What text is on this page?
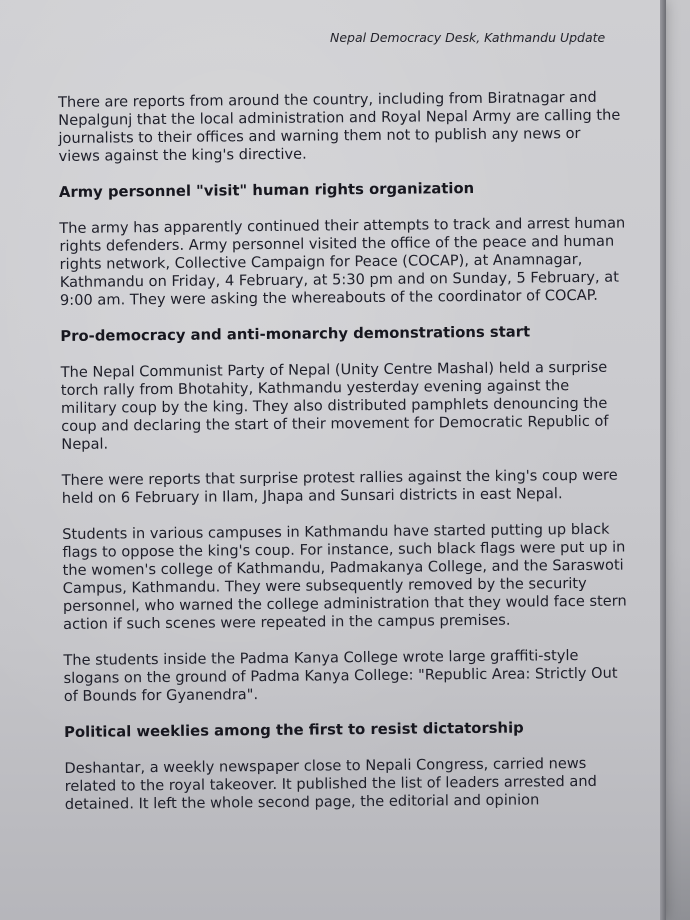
Nepal Democracy Desk, Kathmandu Update

There are reports from around the country, including from Biratnagar and Nepalgunj that the local administration and Royal Nepal Army are calling the journalists to their offices and warning them not to publish any news or views against the king's directive.

Army personnel "visit" human rights organization

The army has apparently continued their attempts to track and arrest human rights defenders. Army personnel visited the office of the peace and human rights network, Collective Campaign for Peace (COCAP), at Anamnagar, Kathmandu on Friday, 4 February, at 5:30 pm and on Sunday, 5 February, at 9:00 am. They were asking the whereabouts of the coordinator of COCAP.

Pro-democracy and anti-monarchy demonstrations start

The Nepal Communist Party of Nepal (Unity Centre Mashal) held a surprise torch rally from Bhotahity, Kathmandu yesterday evening against the military coup by the king. They also distributed pamphlets denouncing the coup and declaring the start of their movement for Democratic Republic of Nepal.

There were reports that surprise protest rallies against the king's coup were held on 6 February in Ilam, Jhapa and Sunsari districts in east Nepal.

Students in various campuses in Kathmandu have started putting up black flags to oppose the king's coup. For instance, such black flags were put up in the women's college of Kathmandu, Padmakanya College, and the Saraswoti Campus, Kathmandu. They were subsequently removed by the security personnel, who warned the college administration that they would face stern action if such scenes were repeated in the campus premises.

The students inside the Padma Kanya College wrote large graffiti-style slogans on the ground of Padma Kanya College: "Republic Area: Strictly Out of Bounds for Gyanendra".

Political weeklies among the first to resist dictatorship

Deshantar, a weekly newspaper close to Nepali Congress, carried news related to the royal takeover. It published the list of leaders arrested and detained. It left the whole second page, the editorial and opinion
